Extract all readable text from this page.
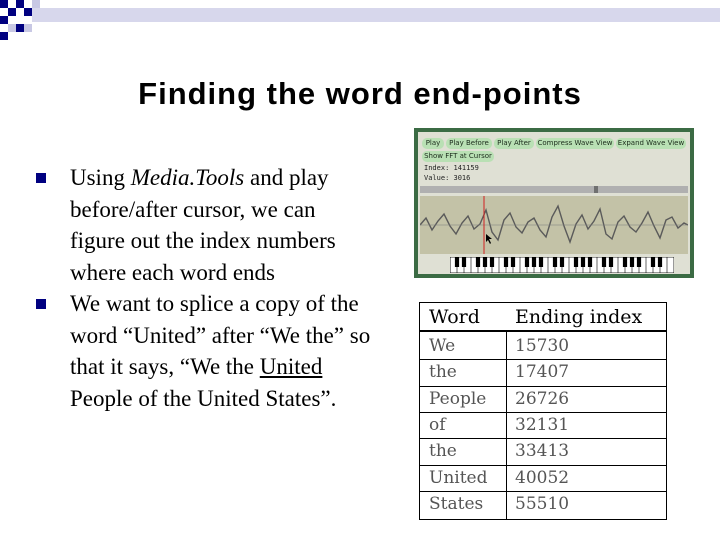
Finding the word end-points
Using Media.Tools and play before/after cursor, we can figure out the index numbers where each word ends
We want to splice a copy of the word “United” after “We the” so that it says, “We the United People of the United States”.
Play	Play Before	Play After Compress Wave View Expand Wave View
Show FFT at Cursor
Index: 141159
Value: 3016
Word Ending index
We	15730
the	17407
People 26726
of	32131
the	33413
United 40052
States 55510
